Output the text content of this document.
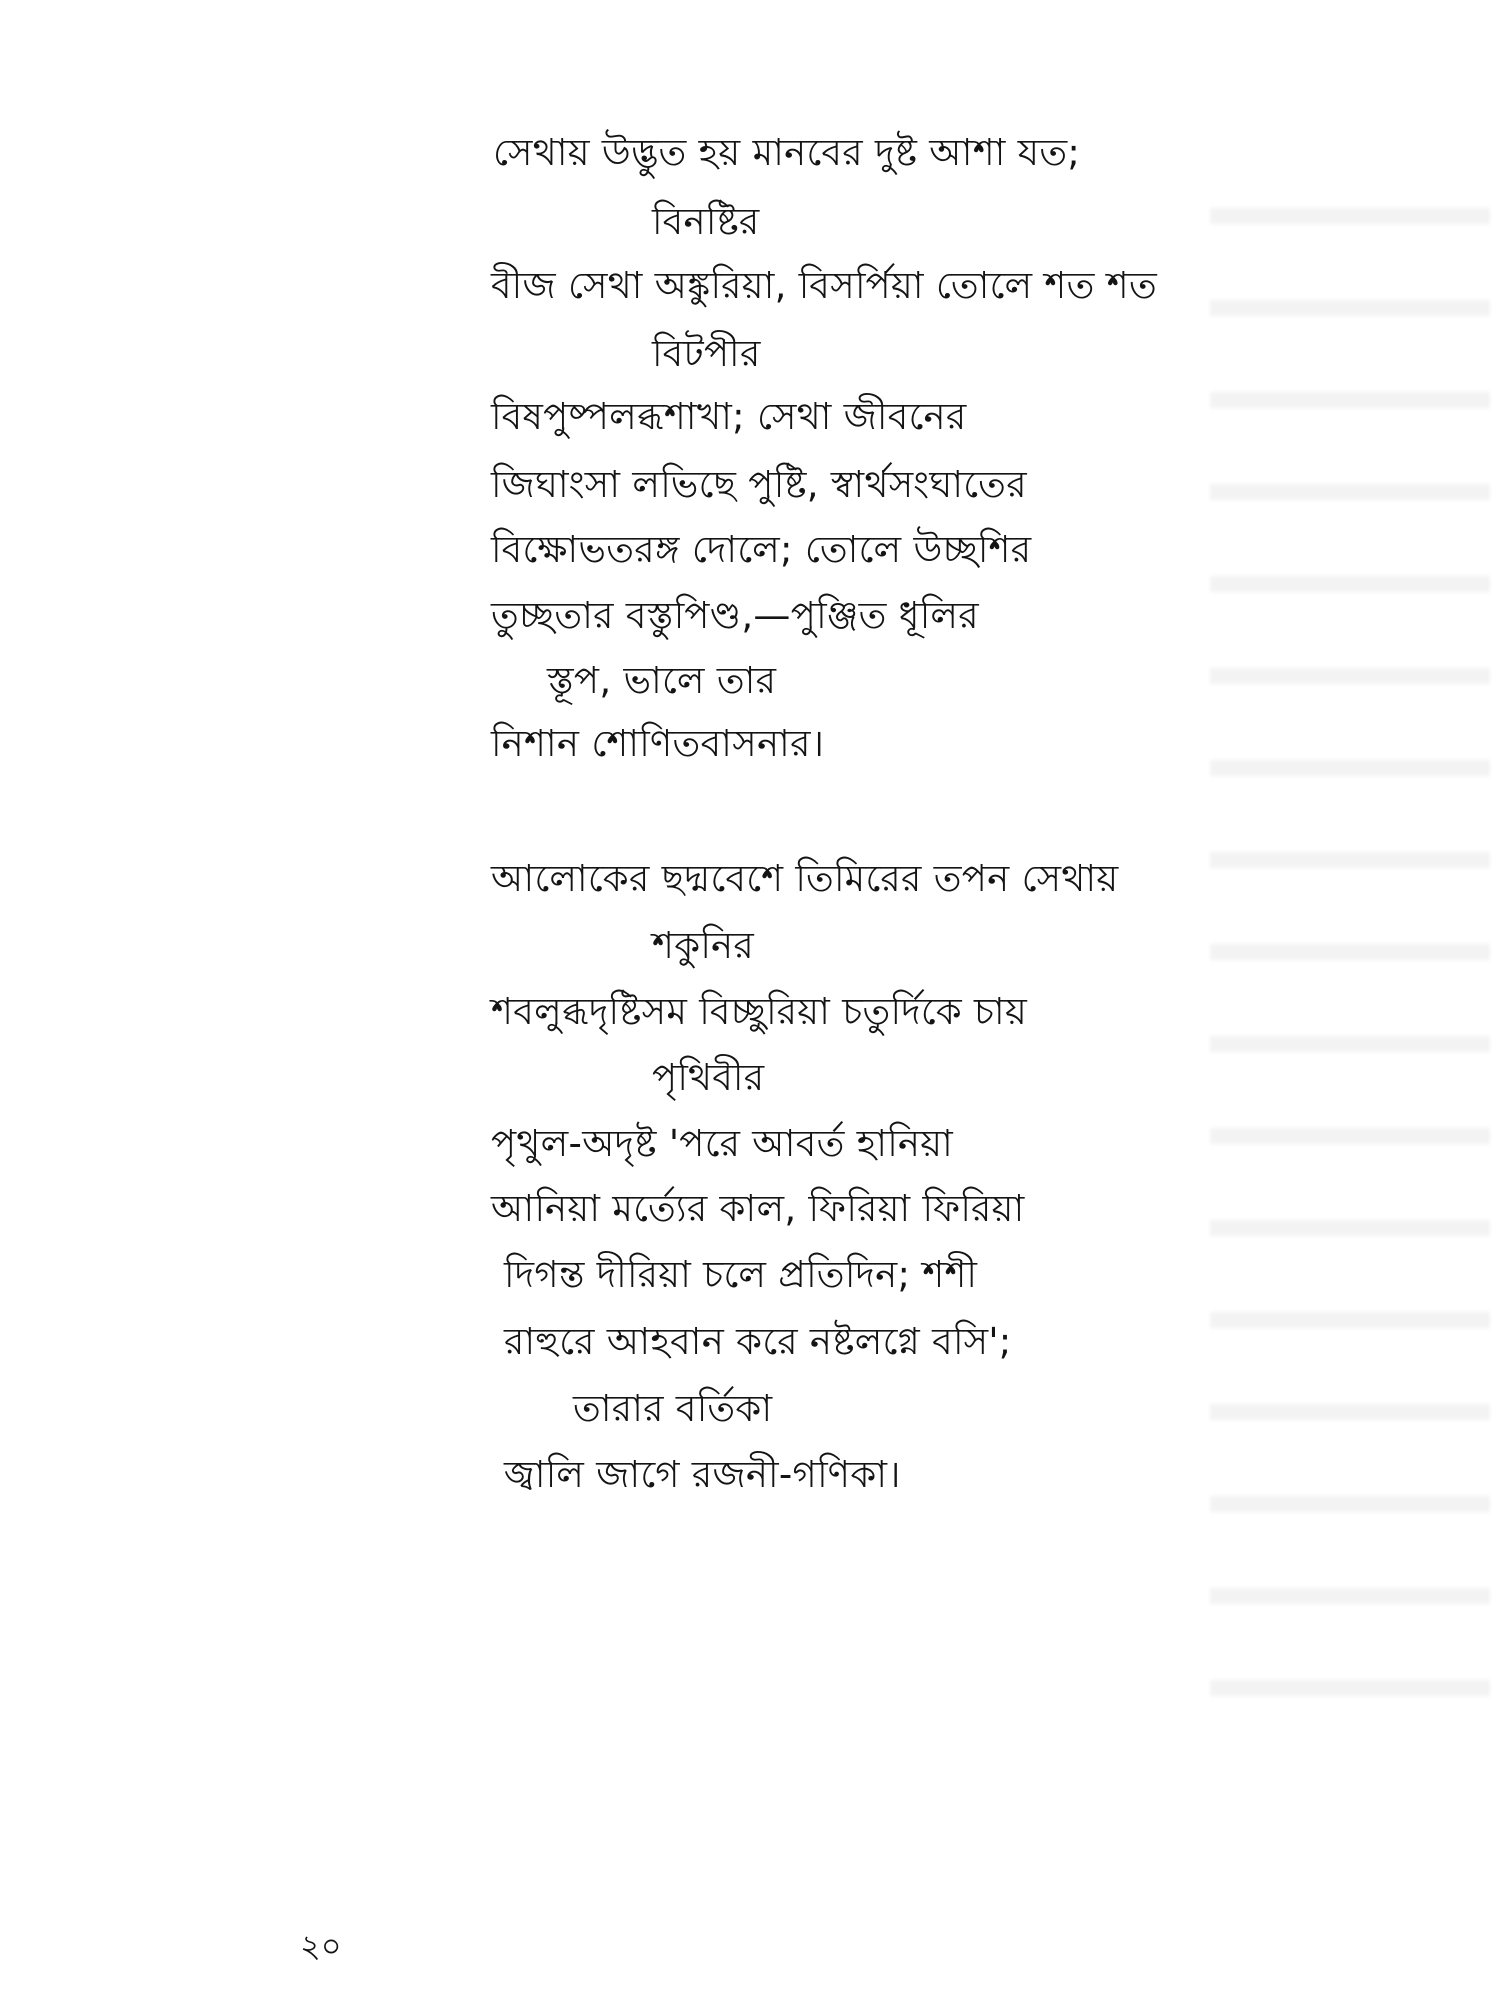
সেথায় উদ্ভুত হয় মানবের দুষ্ট আশা যত;
বিনষ্টির
বীজ সেথা অঙ্কুরিয়া, বিসর্পিয়া তোলে শত শত
বিটপীর
বিষপুষ্পলব্ধশাখা; সেথা জীবনের
জিঘাংসা লভিছে পুষ্টি, স্বার্থসংঘাতের
বিক্ষোভতরঙ্গ দোলে; তোলে উচ্ছশির
তুচ্ছতার বস্তুপিণ্ড,—পুঞ্জিত ধূলির
স্তূপ, ভালে তার
নিশান শোণিতবাসনার।
আলোকের ছদ্মবেশে তিমিরের তপন সেথায়
শকুনির
শবলুব্ধদৃষ্টিসম বিচ্ছুরিয়া চতুর্দিকে চায়
পৃথিবীর
পৃথুল-অদৃষ্ট 'পরে আবর্ত হানিয়া
আনিয়া মর্ত্যের কাল, ফিরিয়া ফিরিয়া
দিগন্ত দীরিয়া চলে প্রতিদিন; শশী
রাহুরে আহবান করে নষ্টলগ্নে বসি';
তারার বর্তিকা
জ্বালি জাগে রজনী-গণিকা।
২০
